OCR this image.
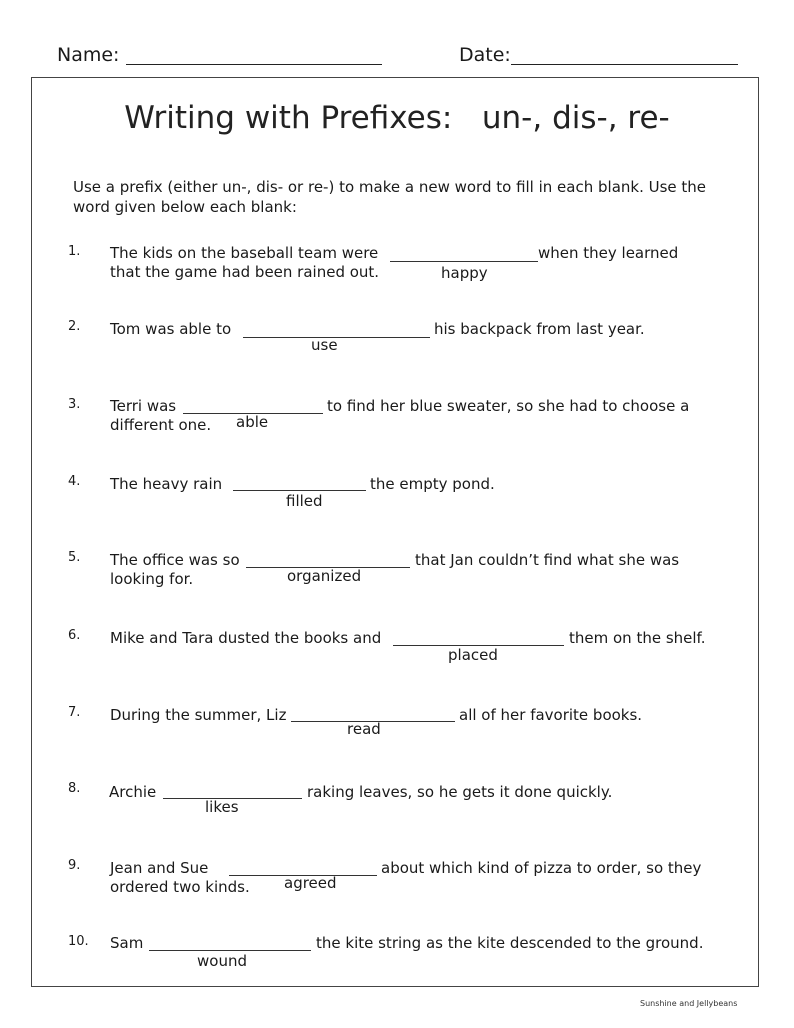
Name:	Date:
Writing with Prefixes:   un-, dis-, re-
Use a prefix (either un-, dis- or re-) to make a new word to fill in each blank. Use the word given below each blank:
1. The kids on the baseball team were	when they learned
that the game had been rained out.	happy
2. Tom was able to	his backpack from last year.
use
3. Terri was	to find her blue sweater, so she had to choose a
different one. able
4. The heavy rain	the empty pond.
filled
5. The office was so	that Jan couldn’t find what she was
looking for.	organized
6. Mike and Tara dusted the books and	them on the shelf.
placed
7. During the summer, Liz	all of her favorite books.
read
8. Archie	raking leaves, so he gets it done quickly.
likes
9. Jean and Sue	about which kind of pizza to order, so they
ordered two kinds. agreed
10. Sam	the kite string as the kite descended to the ground.
wound
Sunshine and Jellybeans
